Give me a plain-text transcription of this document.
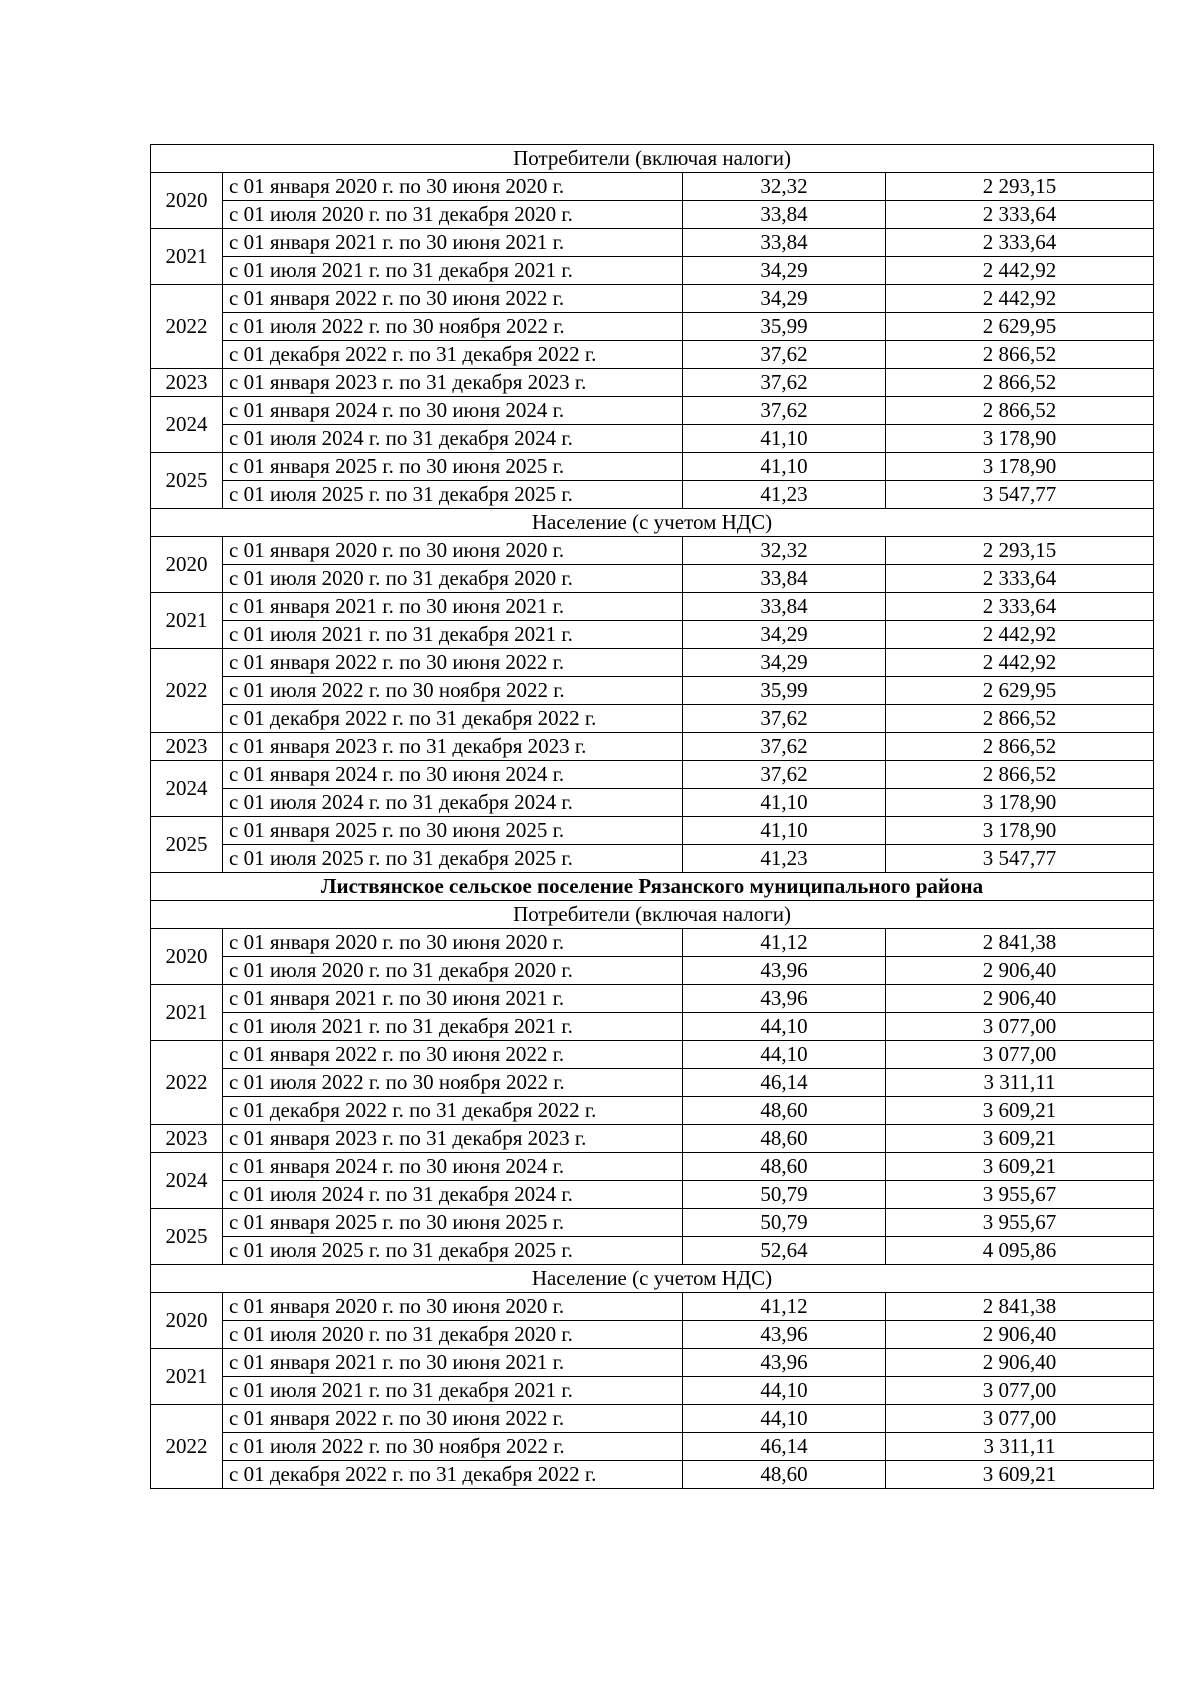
Потребители (включая налоги)			
2020	с 01 января 2020 г. по 30 июня 2020 г.	32,32	2 293,15
	с 01 июля 2020 г. по 31 декабря 2020 г.	33,84	2 333,64
2021	с 01 января 2021 г. по 30 июня 2021 г.	33,84	2 333,64
	с 01 июля 2021 г. по 31 декабря 2021 г.	34,29	2 442,92
2022	с 01 января 2022 г. по 30 июня 2022 г.	34,29	2 442,92
	с 01 июля 2022 г. по 30 ноября 2022 г.	35,99	2 629,95
	с 01 декабря 2022 г. по 31 декабря 2022 г.	37,62	2 866,52
2023	с 01 января 2023 г. по 31 декабря 2023 г.	37,62	2 866,52
2024	с 01 января 2024 г. по 30 июня 2024 г.	37,62	2 866,52
	с 01 июля 2024 г. по 31 декабря 2024 г.	41,10	3 178,90
2025	с 01 января 2025 г. по 30 июня 2025 г.	41,10	3 178,90
	с 01 июля 2025 г. по 31 декабря 2025 г.	41,23	3 547,77
Население (с учетом НДС)			
2020	с 01 января 2020 г. по 30 июня 2020 г.	32,32	2 293,15
	с 01 июля 2020 г. по 31 декабря 2020 г.	33,84	2 333,64
2021	с 01 января 2021 г. по 30 июня 2021 г.	33,84	2 333,64
	с 01 июля 2021 г. по 31 декабря 2021 г.	34,29	2 442,92
2022	с 01 января 2022 г. по 30 июня 2022 г.	34,29	2 442,92
	с 01 июля 2022 г. по 30 ноября 2022 г.	35,99	2 629,95
	с 01 декабря 2022 г. по 31 декабря 2022 г.	37,62	2 866,52
2023	с 01 января 2023 г. по 31 декабря 2023 г.	37,62	2 866,52
2024	с 01 января 2024 г. по 30 июня 2024 г.	37,62	2 866,52
	с 01 июля 2024 г. по 31 декабря 2024 г.	41,10	3 178,90
2025	с 01 января 2025 г. по 30 июня 2025 г.	41,10	3 178,90
	с 01 июля 2025 г. по 31 декабря 2025 г.	41,23	3 547,77
Листвянское сельское поселение Рязанского муниципального района			
Потребители (включая налоги)			
2020	с 01 января 2020 г. по 30 июня 2020 г.	41,12	2 841,38
	с 01 июля 2020 г. по 31 декабря 2020 г.	43,96	2 906,40
2021	с 01 января 2021 г. по 30 июня 2021 г.	43,96	2 906,40
	с 01 июля 2021 г. по 31 декабря 2021 г.	44,10	3 077,00
2022	с 01 января 2022 г. по 30 июня 2022 г.	44,10	3 077,00
	с 01 июля 2022 г. по 30 ноября 2022 г.	46,14	3 311,11
	с 01 декабря 2022 г. по 31 декабря 2022 г.	48,60	3 609,21
2023	с 01 января 2023 г. по 31 декабря 2023 г.	48,60	3 609,21
2024	с 01 января 2024 г. по 30 июня 2024 г.	48,60	3 609,21
	с 01 июля 2024 г. по 31 декабря 2024 г.	50,79	3 955,67
2025	с 01 января 2025 г. по 30 июня 2025 г.	50,79	3 955,67
	с 01 июля 2025 г. по 31 декабря 2025 г.	52,64	4 095,86
Население (с учетом НДС)			
2020	с 01 января 2020 г. по 30 июня 2020 г.	41,12	2 841,38
	с 01 июля 2020 г. по 31 декабря 2020 г.	43,96	2 906,40
2021	с 01 января 2021 г. по 30 июня 2021 г.	43,96	2 906,40
	с 01 июля 2021 г. по 31 декабря 2021 г.	44,10	3 077,00
2022	с 01 января 2022 г. по 30 июня 2022 г.	44,10	3 077,00
	с 01 июля 2022 г. по 30 ноября 2022 г.	46,14	3 311,11
	с 01 декабря 2022 г. по 31 декабря 2022 г.	48,60	3 609,21
